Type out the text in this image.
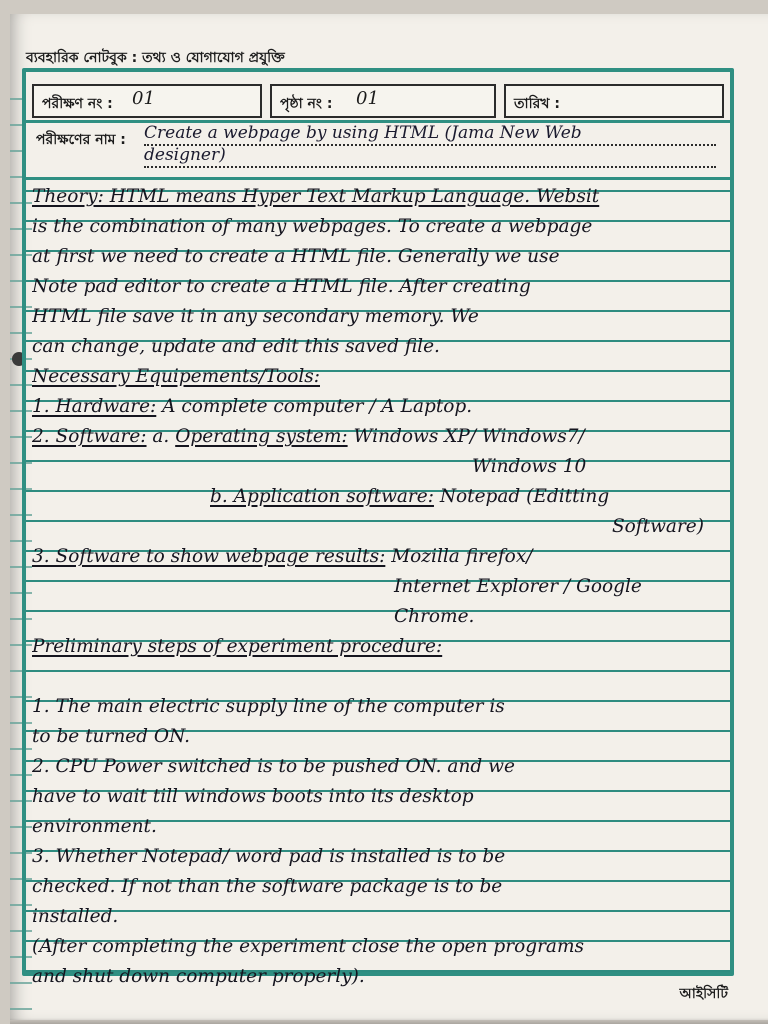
ব্যবহারিক নোটবুক : তথ্য ও যোগাযোগ প্রযুক্তি
পরীক্ষণ নং : 01	পৃষ্ঠা নং : 01	তারিখ :
পরীক্ষণের নাম : Create a webpage by using HTML (Jama New Web
designer)
Theory: HTML means Hyper Text Markup Language. Websit
is the combination of many webpages. To create a webpage
at first we need to create a HTML file. Generally we use
Note pad editor to create a HTML file. After creating
HTML file save it in any secondary memory. We
can change, update and edit this saved file.
Necessary Equipements/Tools:
1. Hardware: A complete computer / A Laptop.
2. Software: a. Operating system: Windows XP/ Windows7/
Windows 10
b. Application software: Notepad (Editting
Software)
3. Software to show webpage results: Mozilla firefox/
Internet Explorer / Google
Chrome.
Preliminary steps of experiment procedure:
1. The main electric supply line of the computer is
to be turned ON.
2. CPU Power switched is to be pushed ON. and we
have to wait till windows boots into its desktop
environment.
3. Whether Notepad/ word pad is installed is to be
checked. If not than the software package is to be
installed.
(After completing the experiment close the open programs
and shut down computer properly).
আইসিটি
